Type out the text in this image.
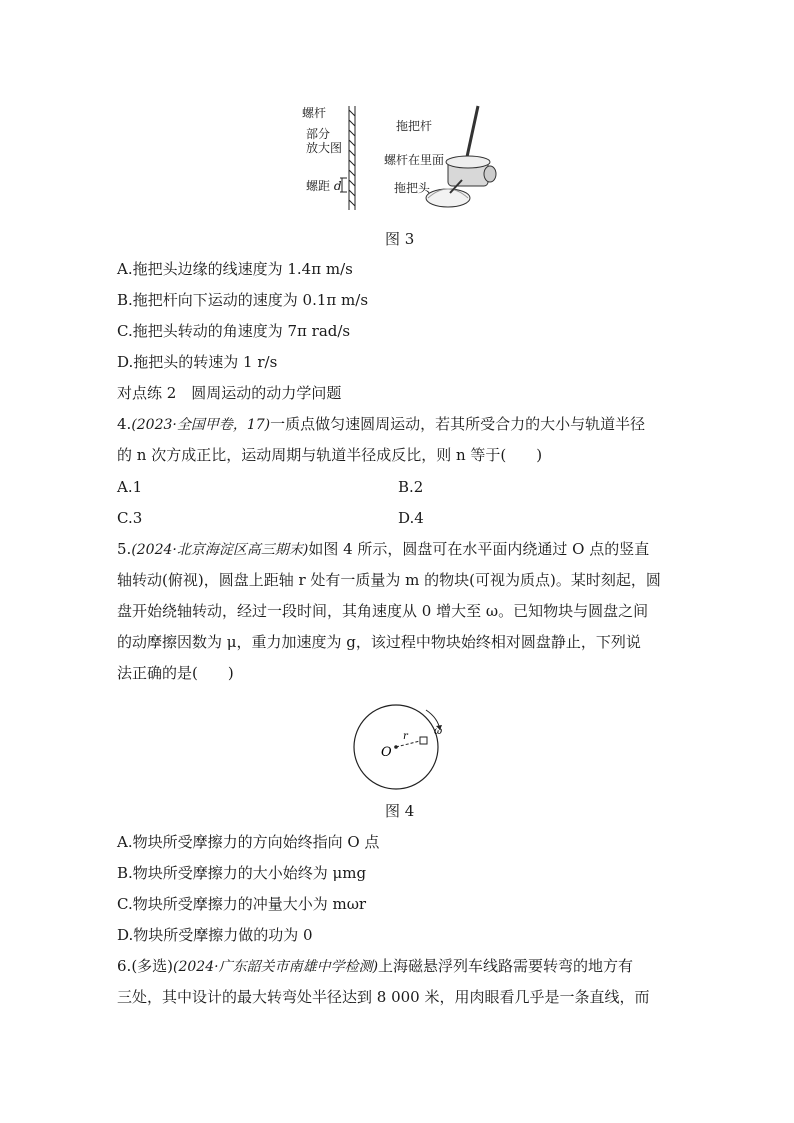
螺杆
部分
放大图
螺距 d
拖把杆
螺杆在里面
拖把头
图 3
A.拖把头边缘的线速度为 1.4π m/s
B.拖把杆向下运动的速度为 0.1π m/s
C.拖把头转动的角速度为 7π rad/s
D.拖把头的转速为 1 r/s
对点练 2　圆周运动的动力学问题
4.(2023·全国甲卷，17)一质点做匀速圆周运动，若其所受合力的大小与轨道半径
的 n 次方成正比，运动周期与轨道半径成反比，则 n 等于(　　)
A.1	B.2
C.3	D.4
5.(2024·北京海淀区高三期末)如图 4 所示，圆盘可在水平面内绕通过 O 点的竖直
轴转动(俯视)，圆盘上距轴 r 处有一质量为 m 的物块(可视为质点)。某时刻起，圆
盘开始绕轴转动，经过一段时间，其角速度从 0 增大至 ω。已知物块与圆盘之间
的动摩擦因数为 μ，重力加速度为 g，该过程中物块始终相对圆盘静止，下列说
法正确的是(　　)
O
r	ω
图 4
A.物块所受摩擦力的方向始终指向 O 点
B.物块所受摩擦力的大小始终为 μmg
C.物块所受摩擦力的冲量大小为 mωr
D.物块所受摩擦力做的功为 0
6.(多选)(2024·广东韶关市南雄中学检测)上海磁悬浮列车线路需要转弯的地方有
三处，其中设计的最大转弯处半径达到 8 000 米，用肉眼看几乎是一条直线，而
